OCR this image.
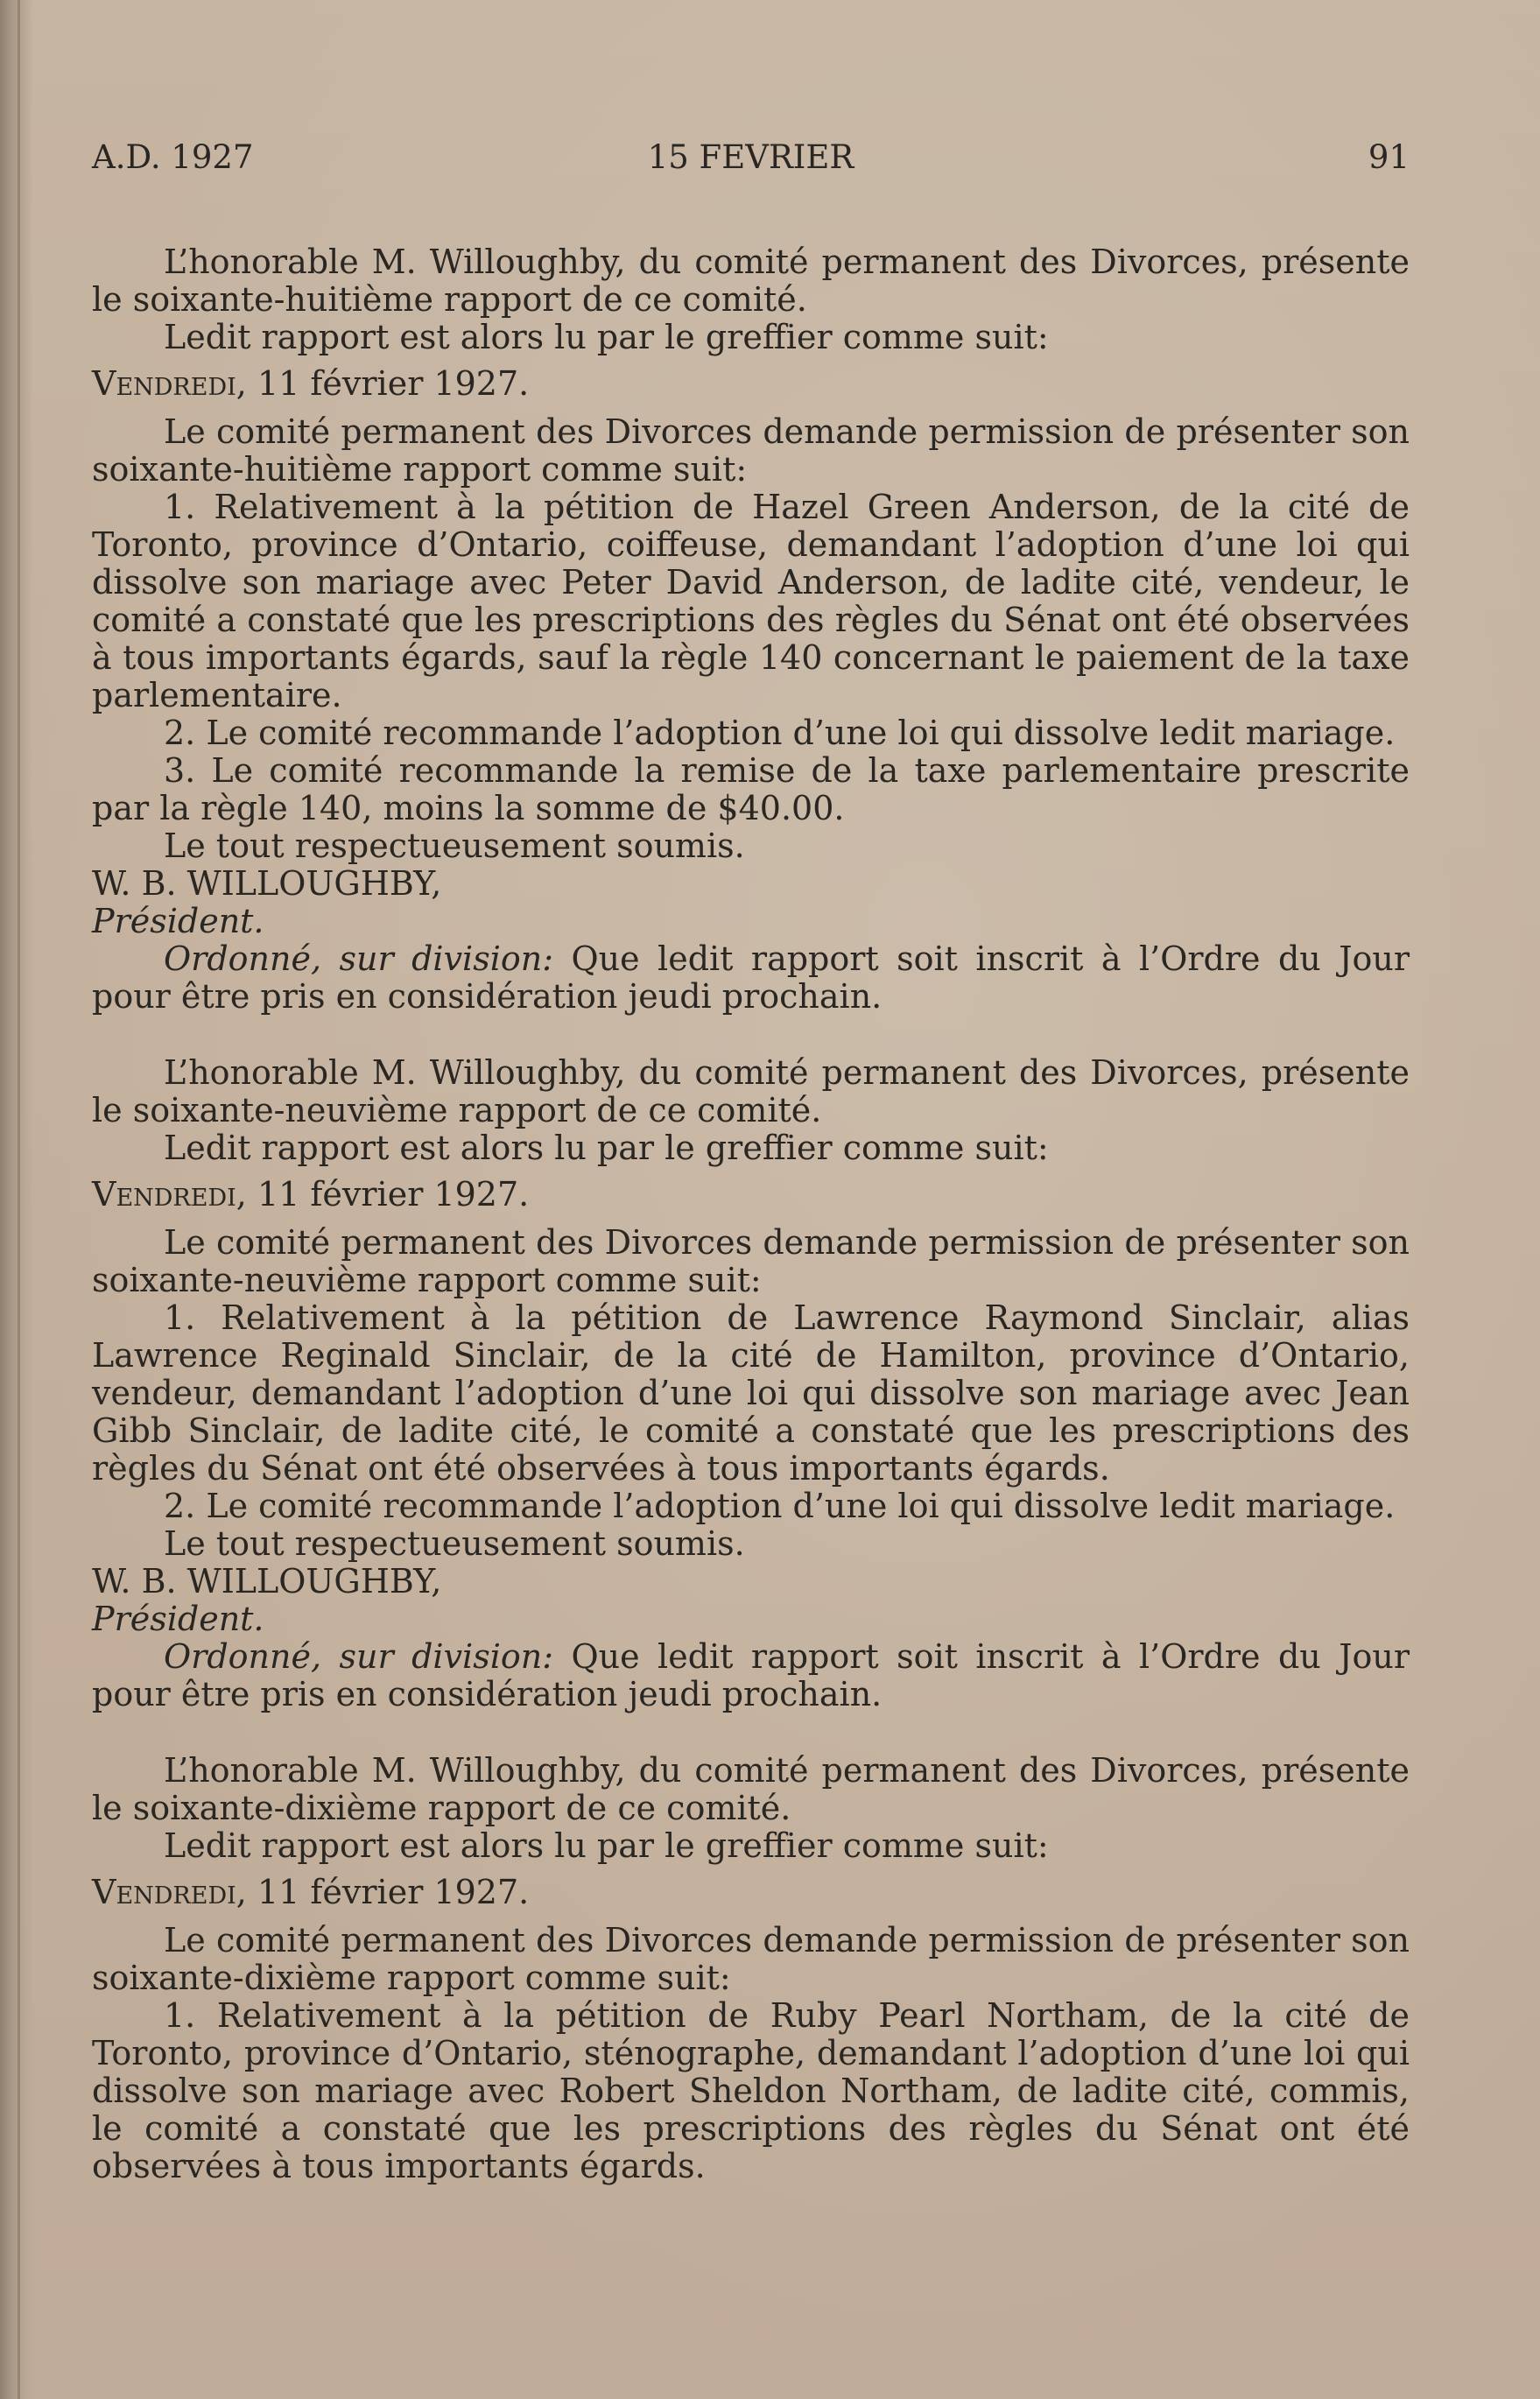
A.D. 1927	15 FEVRIER	91

L’honorable M. Willoughby, du comité permanent des Divorces, présente le soixante-huitième rapport de ce comité.

Ledit rapport est alors lu par le greffier comme suit:

Vendredi, 11 février 1927.

Le comité permanent des Divorces demande permission de présenter son soixante-huitième rapport comme suit:

1. Relativement à la pétition de Hazel Green Anderson, de la cité de Toronto, province d’Ontario, coiffeuse, demandant l’adoption d’une loi qui dissolve son mariage avec Peter David Anderson, de ladite cité, vendeur, le comité a constaté que les prescriptions des règles du Sénat ont été observées à tous importants égards, sauf la règle 140 concernant le paiement de la taxe parlementaire.

2. Le comité recommande l’adoption d’une loi qui dissolve ledit mariage.

3. Le comité recommande la remise de la taxe parlementaire prescrite par la règle 140, moins la somme de $40.00.

Le tout respectueusement soumis.

W. B. WILLOUGHBY,

Président.

Ordonné, sur division: Que ledit rapport soit inscrit à l’Ordre du Jour pour être pris en considération jeudi prochain.

L’honorable M. Willoughby, du comité permanent des Divorces, présente le soixante-neuvième rapport de ce comité.

Ledit rapport est alors lu par le greffier comme suit:

Vendredi, 11 février 1927.

Le comité permanent des Divorces demande permission de présenter son soixante-neuvième rapport comme suit:

1. Relativement à la pétition de Lawrence Raymond Sinclair, alias Lawrence Reginald Sinclair, de la cité de Hamilton, province d’Ontario, vendeur, demandant l’adoption d’une loi qui dissolve son mariage avec Jean Gibb Sinclair, de ladite cité, le comité a constaté que les prescriptions des règles du Sénat ont été observées à tous importants égards.

2. Le comité recommande l’adoption d’une loi qui dissolve ledit mariage.

Le tout respectueusement soumis.

W. B. WILLOUGHBY,

Président.

Ordonné, sur division: Que ledit rapport soit inscrit à l’Ordre du Jour pour être pris en considération jeudi prochain.

L’honorable M. Willoughby, du comité permanent des Divorces, présente le soixante-dixième rapport de ce comité.

Ledit rapport est alors lu par le greffier comme suit:

Vendredi, 11 février 1927.

Le comité permanent des Divorces demande permission de présenter son soixante-dixième rapport comme suit:

1. Relativement à la pétition de Ruby Pearl Northam, de la cité de Toronto, province d’Ontario, sténographe, demandant l’adoption d’une loi qui dissolve son mariage avec Robert Sheldon Northam, de ladite cité, commis, le comité a constaté que les prescriptions des règles du Sénat ont été observées à tous importants égards.
